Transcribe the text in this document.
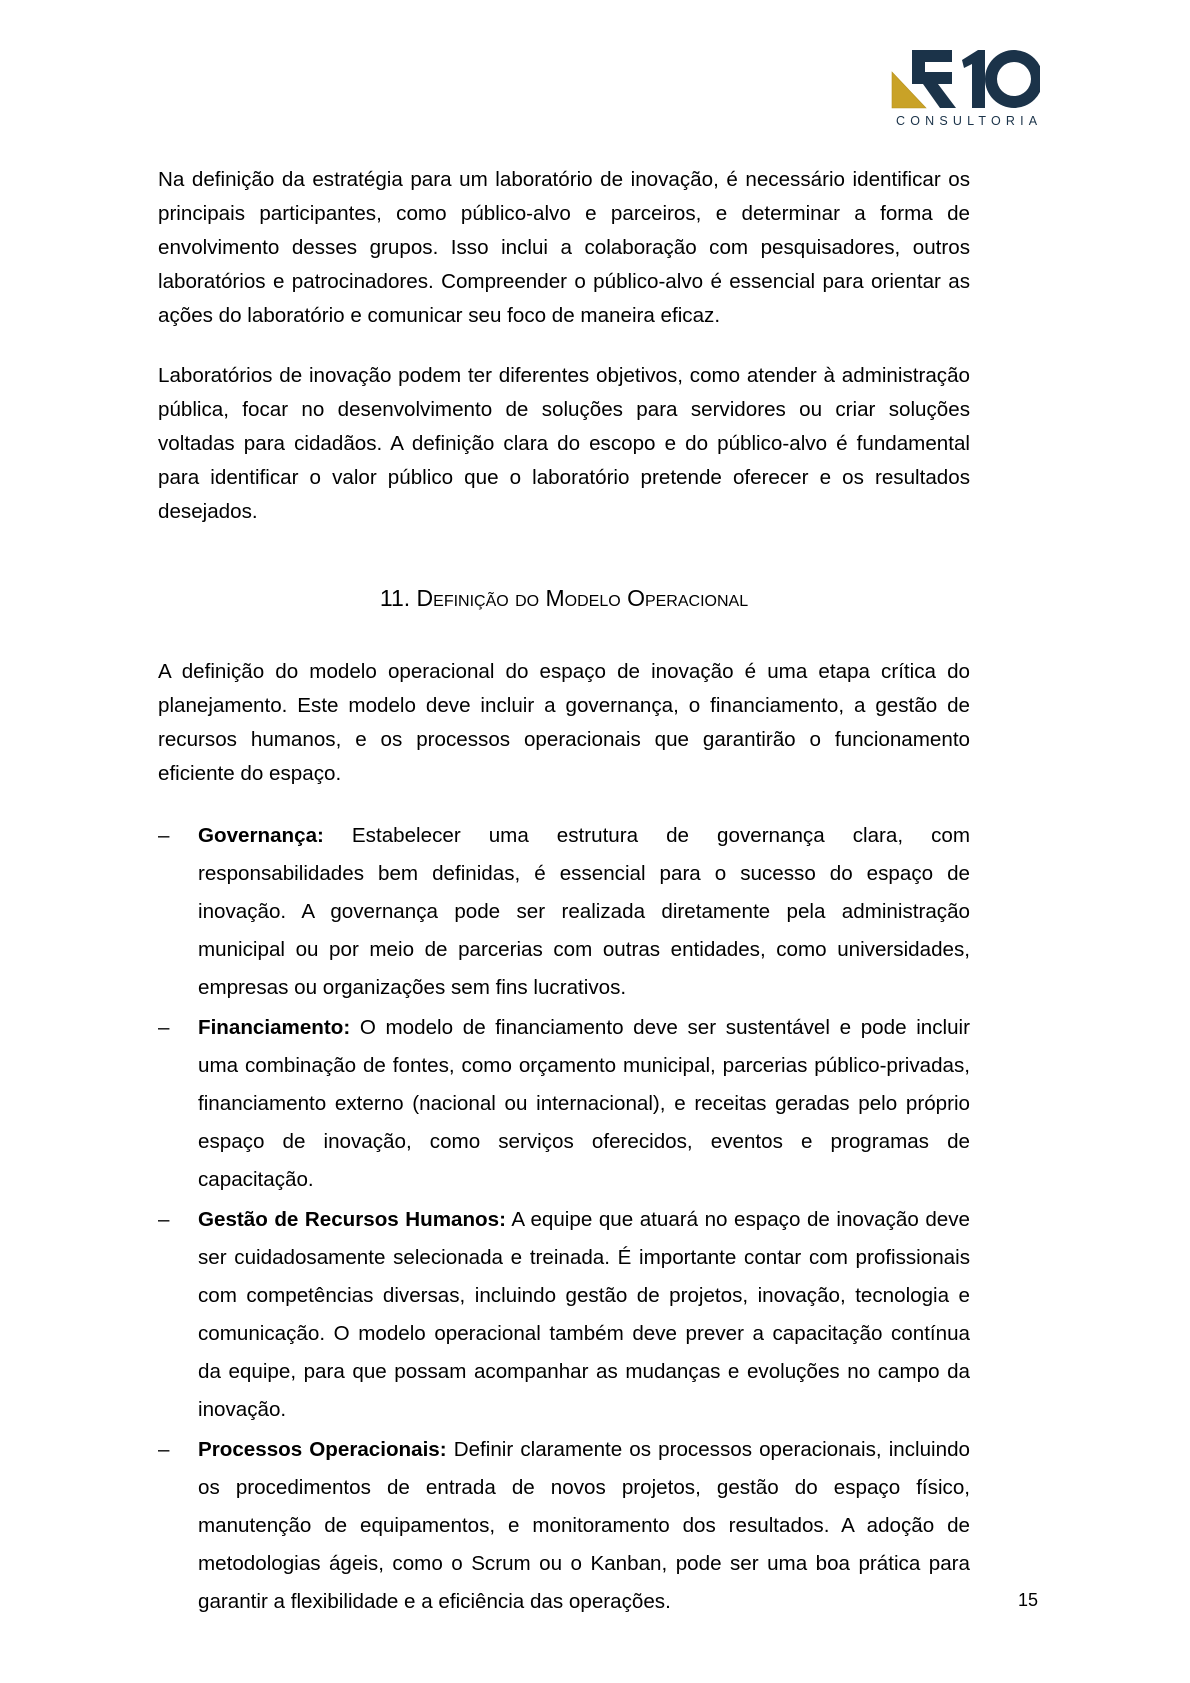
CONSULTORIA

Na definição da estratégia para um laboratório de inovação, é necessário identificar os principais participantes, como público-alvo e parceiros, e determinar a forma de envolvimento desses grupos. Isso inclui a colaboração com pesquisadores, outros laboratórios e patrocinadores. Compreender o público-alvo é essencial para orientar as ações do laboratório e comunicar seu foco de maneira eficaz.

Laboratórios de inovação podem ter diferentes objetivos, como atender à administração pública, focar no desenvolvimento de soluções para servidores ou criar soluções voltadas para cidadãos. A definição clara do escopo e do público-alvo é fundamental para identificar o valor público que o laboratório pretende oferecer e os resultados desejados.

11. Definição do Modelo Operacional

A definição do modelo operacional do espaço de inovação é uma etapa crítica do planejamento. Este modelo deve incluir a governança, o financiamento, a gestão de recursos humanos, e os processos operacionais que garantirão o funcionamento eficiente do espaço.

– Governança: Estabelecer uma estrutura de governança clara, com responsabilidades bem definidas, é essencial para o sucesso do espaço de inovação. A governança pode ser realizada diretamente pela administração municipal ou por meio de parcerias com outras entidades, como universidades, empresas ou organizações sem fins lucrativos.
– Financiamento: O modelo de financiamento deve ser sustentável e pode incluir uma combinação de fontes, como orçamento municipal, parcerias público-privadas, financiamento externo (nacional ou internacional), e receitas geradas pelo próprio espaço de inovação, como serviços oferecidos, eventos e programas de capacitação.
– Gestão de Recursos Humanos: A equipe que atuará no espaço de inovação deve ser cuidadosamente selecionada e treinada. É importante contar com profissionais com competências diversas, incluindo gestão de projetos, inovação, tecnologia e comunicação. O modelo operacional também deve prever a capacitação contínua da equipe, para que possam acompanhar as mudanças e evoluções no campo da inovação.
– Processos Operacionais: Definir claramente os processos operacionais, incluindo os procedimentos de entrada de novos projetos, gestão do espaço físico, manutenção de equipamentos, e monitoramento dos resultados. A adoção de metodologias ágeis, como o Scrum ou o Kanban, pode ser uma boa prática para garantir a flexibilidade e a eficiência das operações.	15
